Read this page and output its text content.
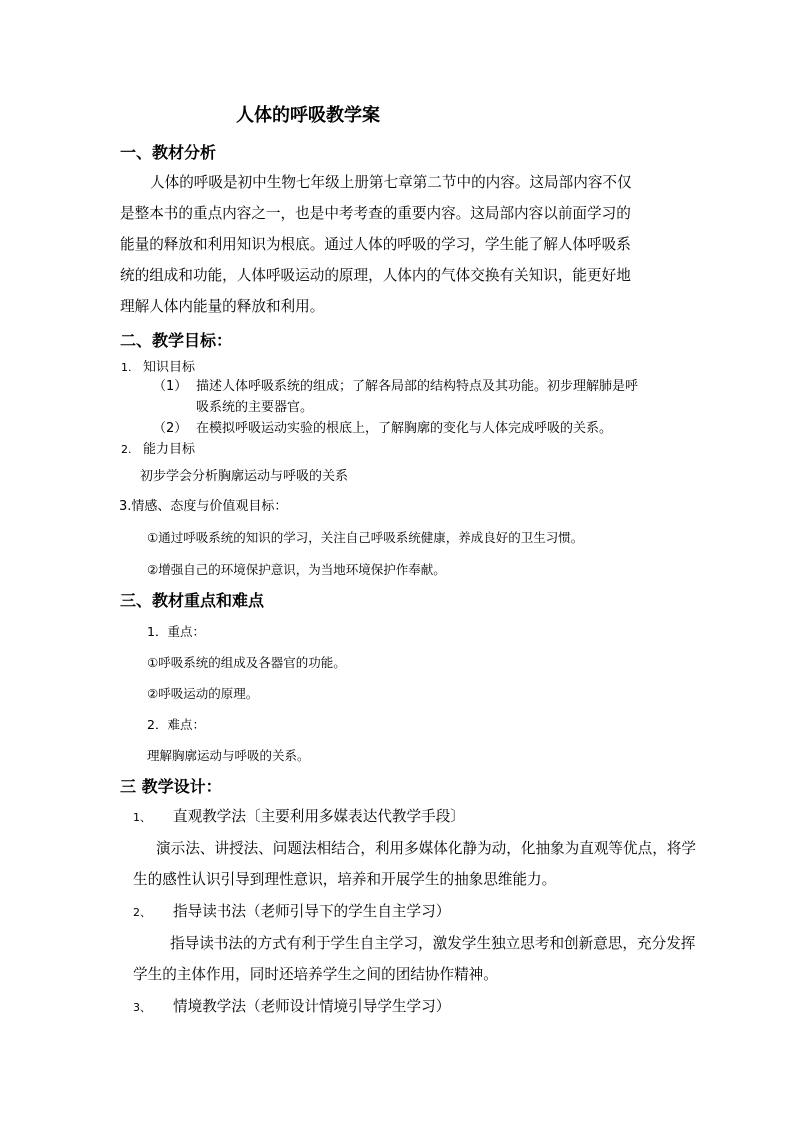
人体的呼吸教学案
一、教材分析
人体的呼吸是初中生物七年级上册第七章第二节中的内容。这局部内容不仅
是整本书的重点内容之一，也是中考考查的重要内容。这局部内容以前面学习的
能量的释放和利用知识为根底。通过人体的呼吸的学习，学生能了解人体呼吸系
统的组成和功能，人体呼吸运动的原理，人体内的气体交换有关知识，能更好地
理解人体内能量的释放和利用。
二、教学目标：
1. 知识目标
（1） 描述人体呼吸系统的组成；了解各局部的结构特点及其功能。初步理解肺是呼
吸系统的主要器官。
（2） 在模拟呼吸运动实验的根底上，了解胸廓的变化与人体完成呼吸的关系。
2. 能力目标
初步学会分析胸廓运动与呼吸的关系
3.情感、态度与价值观目标：
①通过呼吸系统的知识的学习，关注自己呼吸系统健康，养成良好的卫生习惯。
②增强自己的环境保护意识，为当地环境保护作奉献。
三、教材重点和难点
1．重点：
①呼吸系统的组成及各器官的功能。
②呼吸运动的原理。
2．难点：
理解胸廓运动与呼吸的关系。
三 教学设计：
1、 直观教学法〔主要利用多媒表达代教学手段〕
演示法、讲授法、问题法相结合，利用多媒体化静为动，化抽象为直观等优点，将学
生的感性认识引导到理性意识，培养和开展学生的抽象思维能力。
2、 指导读书法（老师引导下的学生自主学习）
指导读书法的方式有利于学生自主学习，激发学生独立思考和创新意思，充分发挥
学生的主体作用，同时还培养学生之间的团结协作精神。
3、 情境教学法（老师设计情境引导学生学习）
